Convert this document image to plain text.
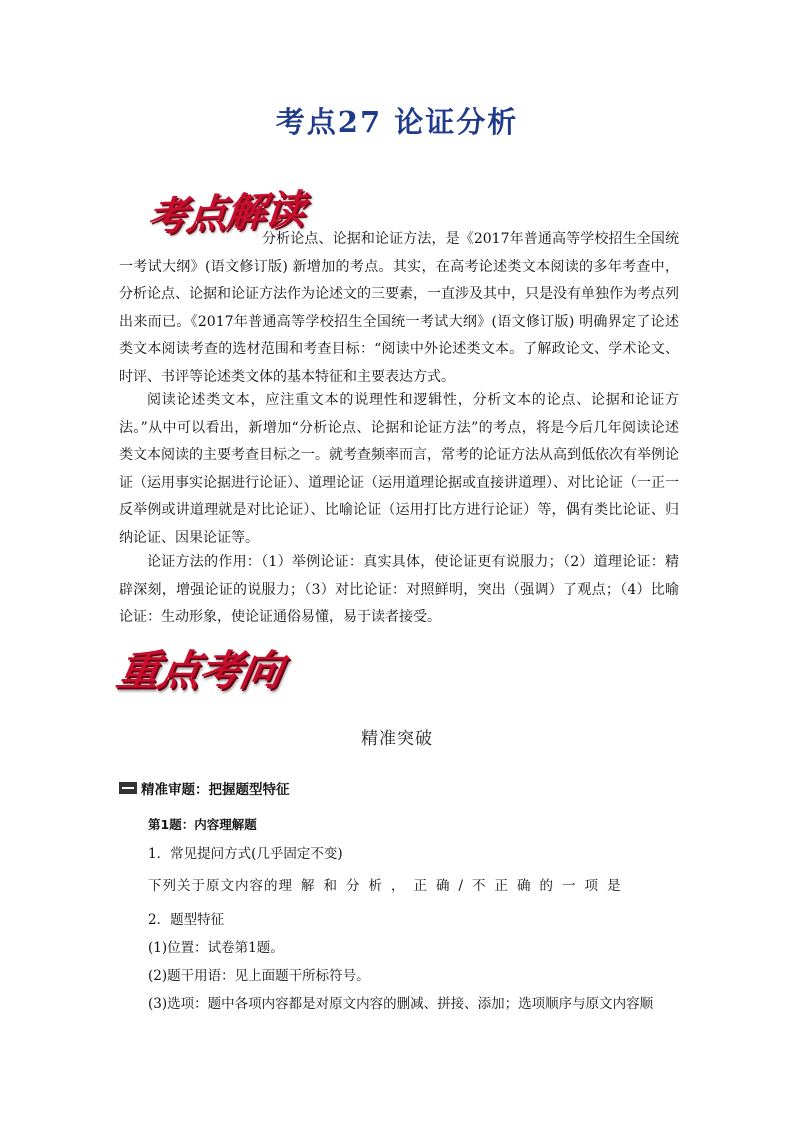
考点27 论证分析
考点解读
分析论点、论据和论证方法，是《2017年普通高等学校招生全国统一考试大纲》(语文修订版) 新增加的考点。其实，在高考论述类文本阅读的多年考查中，分析论点、论据和论证方法作为论述文的三要素，一直涉及其中，只是没有单独作为考点列出来而已。《2017年普通高等学校招生全国统一考试大纲》(语文修订版) 明确界定了论述类文本阅读考查的选材范围和考查目标：“阅读中外论述类文本。了解政论文、学术论文、时评、书评等论述类文体的基本特征和主要表达方式。
阅读论述类文本，应注重文本的说理性和逻辑性，分析文本的论点、论据和论证方法。”从中可以看出，新增加“分析论点、论据和论证方法”的考点，将是今后几年阅读论述类文本阅读的主要考查目标之一。就考查频率而言，常考的论证方法从高到低依次有举例论证（运用事实论据进行论证）、道理论证（运用道理论据或直接讲道理）、对比论证（一正一反举例或讲道理就是对比论证）、比喻论证（运用打比方进行论证）等，偶有类比论证、归纳论证、因果论证等。
论证方法的作用：（1）举例论证：真实具体，使论证更有说服力；（2）道理论证：精辟深刻，增强论证的说服力；（3）对比论证：对照鲜明，突出（强调）了观点；（4）比喻论证：生动形象，使论证通俗易懂，易于读者接受。
重点考向
精准突破
精准审题：把握题型特征
第1题：内容理解题
1．常见提问方式(几乎固定不变)
下列关于原文内容的理解和分析，正确/不正确的一项是
2．题型特征
(1)位置：试卷第1题。
(2)题干用语：见上面题干所标符号。
(3)选项：题中各项内容都是对原文内容的删减、拼接、添加；选项顺序与原文内容顺
